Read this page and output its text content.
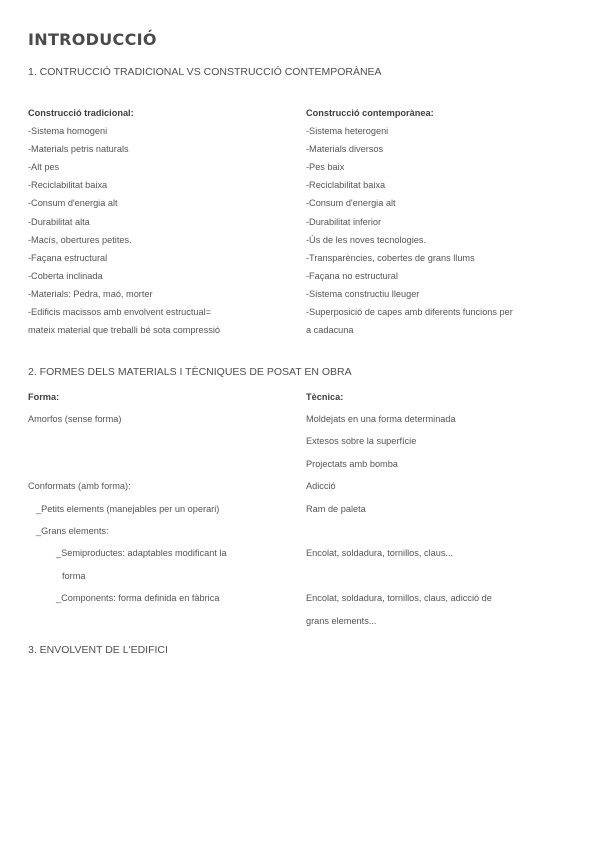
INTRODUCCIÓ
1. CONTRUCCIÓ TRADICIONAL VS CONSTRUCCIÓ CONTEMPORÀNEA
Construcció tradicional:
-Sistema homogeni
-Materials petris naturals
-Alt pes
-Reciclabilitat baixa
-Consum d'energia alt
-Durabilitat alta
-Macís, obertures petites.
-Façana estructural
-Coberta inclinada
-Materials: Pedra, maó, morter
-Edificis macissos amb envolvent estructual=
mateix material que treballi bé sota compressió
Construcció contemporànea:
-Sistema heterogeni
-Materials diversos
-Pes baix
-Reciclabilitat baixa
-Consum d'energia alt
-Durabilitat inferior
-Ús de les noves tecnologies.
-Transparències, cobertes de grans llums
-Façana no estructural
-Sistema constructiu lleuger
-Superposició de capes amb diferents funcions per
a cadacuna
2. FORMES DELS MATERIALS I TÈCNIQUES DE POSAT EN OBRA
Forma:
Amorfos (sense forma)
Conformats (amb forma):
_Petits elements (manejables per un operari)
_Grans elements:
_Semiproductes: adaptables modificant la
forma
_Components: forma definida en fàbrica
Tècnica:
Moldejats en una forma determinada
Extesos sobre la superfície
Projectats amb bomba
Adicció
Ram de paleta
Encolat, soldadura, tornillos, claus...
Encolat, soldadura, tornillos, claus, adicció de
grans elements...
3. ENVOLVENT DE L'EDIFICI
